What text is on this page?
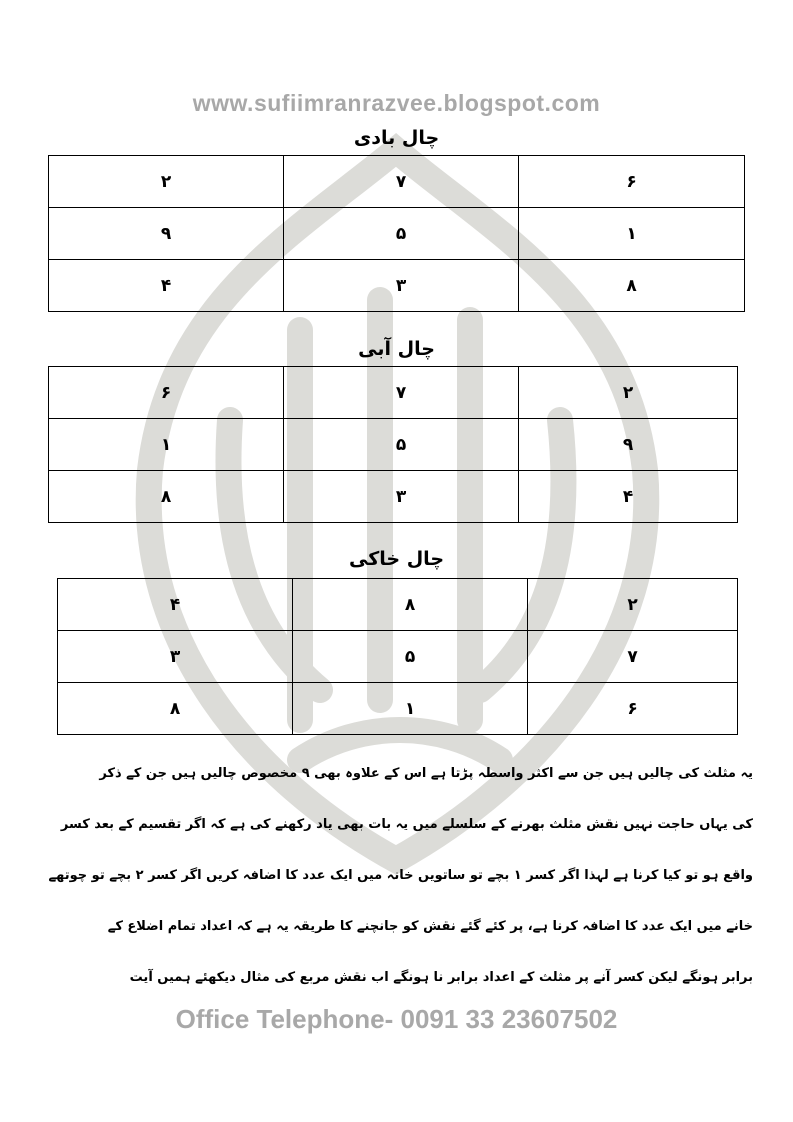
www.sufiimranrazvee.blogspot.com
چال بادی
۶
۷
۲
۱
۵
۹
۸
۳
۴
چال آبی
۲
۷
۶
۹
۵
۱
۴
۳
۸
چال خاکی
۲
۸
۴
۷
۵
۳
۶
۱
۸
یہ مثلث کی چالیں ہیں جن سے اکثر واسطہ پڑتا ہے اس کے علاوہ بھی ۹ مخصوص چالیں ہیں جن کے ذکر
کی یہاں حاجت نہیں نقش مثلث بھرنے کے سلسلے میں یہ بات بھی یاد رکھنے کی ہے کہ اگر تقسیم کے بعد کسر
واقع ہو تو کیا کرنا ہے لہذا اگر کسر ۱ بچے تو ساتویں خانہ میں ایک عدد کا اضافہ کریں اگر کسر ۲ بچے تو چوتھے
خانے میں ایک عدد کا اضافہ کرنا ہے، پر کئے گئے نقش کو جانچنے کا طریقہ یہ ہے کہ اعداد تمام اضلاع کے
برابر ہونگے لیکن کسر آنے پر مثلث کے اعداد برابر نا ہونگے اب نقش مربع کی مثال دیکھئے ہمیں آیت
Office Telephone- 0091 33 23607502
